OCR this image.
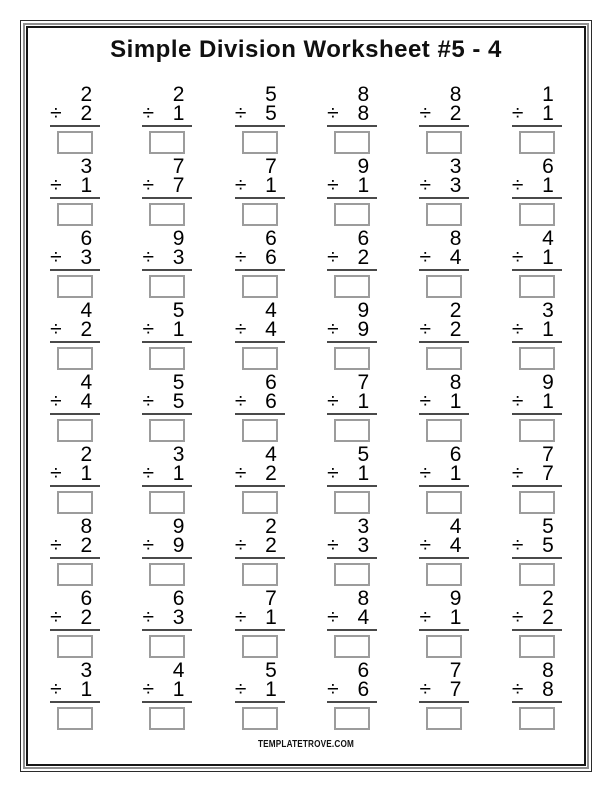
Simple Division Worksheet #5 - 4
2
÷ 2
2
÷ 1
5
÷ 5
8
÷ 8
8
÷ 2
1
÷ 1
3
÷ 1
7
÷ 7
7
÷ 1
9
÷ 1
3
÷ 3
6
÷ 1
6
÷ 3
9
÷ 3
6
÷ 6
6
÷ 2
8
÷ 4
4
÷ 1
4
÷ 2
5
÷ 1
4
÷ 4
9
÷ 9
2
÷ 2
3
÷ 1
4
÷ 4
5
÷ 5
6
÷ 6
7
÷ 1
8
÷ 1
9
÷ 1
2
÷ 1
3
÷ 1
4
÷ 2
5
÷ 1
6
÷ 1
7
÷ 7
8
÷ 2
9
÷ 9
2
÷ 2
3
÷ 3
4
÷ 4
5
÷ 5
6
÷ 2
6
÷ 3
7
÷ 1
8
÷ 4
9
÷ 1
2
÷ 2
3
÷ 1
4
÷ 1
5
÷ 1
6
÷ 6
7
÷ 7
8
÷ 8
TEMPLATETROVE.COM
